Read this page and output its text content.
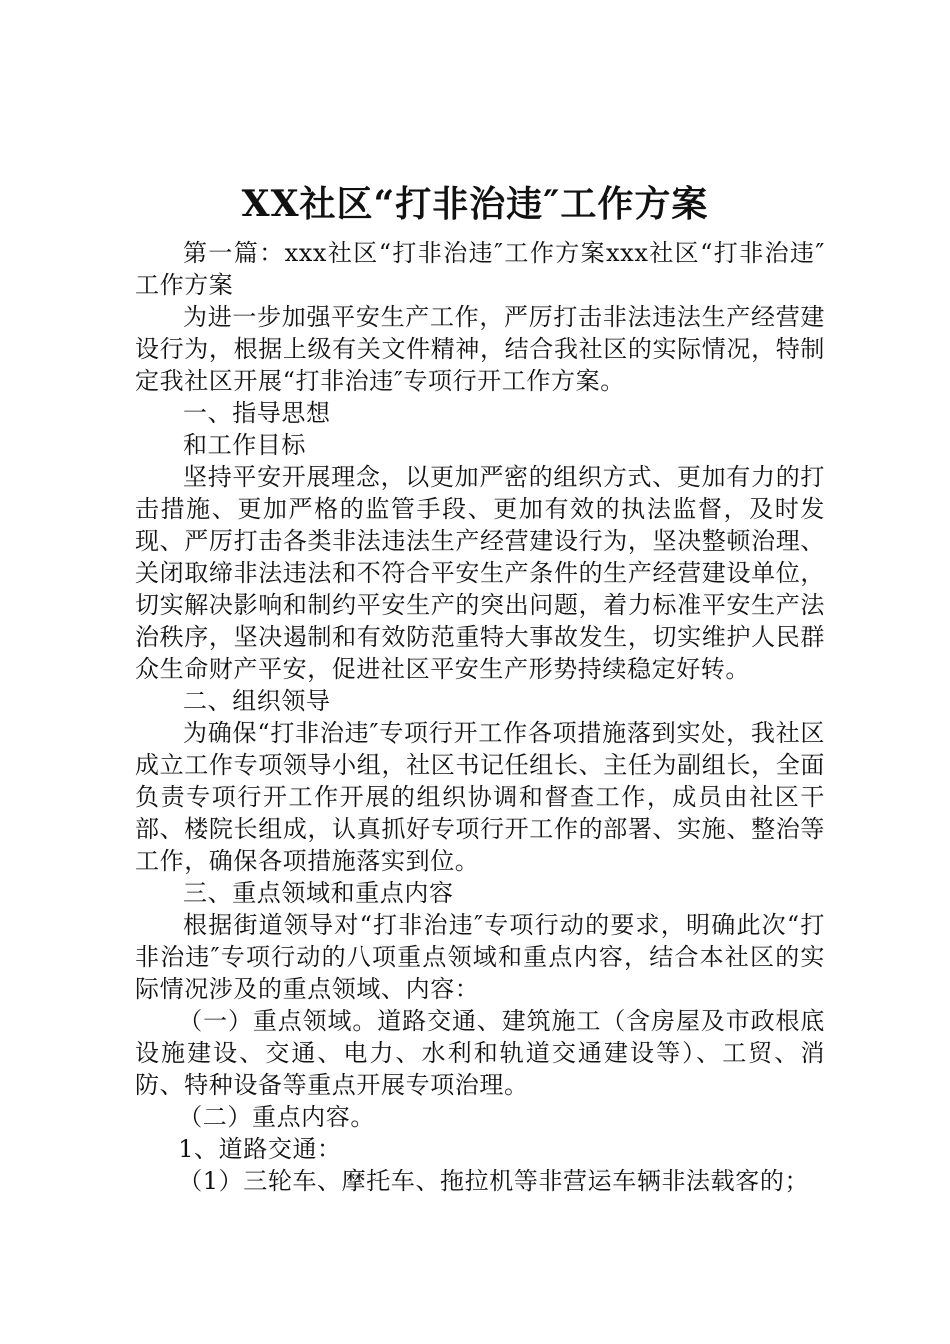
XX社区“打非治违″工作方案

第一篇：xxx社区“打非治违″工作方案xxx社区“打非治违″工作方案

为进一步加强平安生产工作，严厉打击非法违法生产经营建设行为，根据上级有关文件精神，结合我社区的实际情况，特制定我社区开展“打非治违″专项行开工作方案。

一、指导思想

和工作目标

坚持平安开展理念，以更加严密的组织方式、更加有力的打击措施、更加严格的监管手段、更加有效的执法监督，及时发现、严厉打击各类非法违法生产经营建设行为，坚决整顿治理、关闭取缔非法违法和不符合平安生产条件的生产经营建设单位，切实解决影响和制约平安生产的突出问题，着力标准平安生产法治秩序，坚决遏制和有效防范重特大事故发生，切实维护人民群众生命财产平安，促进社区平安生产形势持续稳定好转。

二、组织领导

为确保“打非治违″专项行开工作各项措施落到实处，我社区成立工作专项领导小组，社区书记任组长、主任为副组长，全面负责专项行开工作开展的组织协调和督查工作，成员由社区干部、楼院长组成，认真抓好专项行开工作的部署、实施、整治等工作，确保各项措施落实到位。

三、重点领域和重点内容

根据街道领导对“打非治违″专项行动的要求，明确此次“打非治违″专项行动的八项重点领域和重点内容，结合本社区的实际情况涉及的重点领域、内容：

（一）重点领域。道路交通、建筑施工（含房屋及市政根底设施建设、交通、电力、水利和轨道交通建设等）、工贸、消防、特种设备等重点开展专项治理。

（二）重点内容。

1、道路交通：

（1）三轮车、摩托车、拖拉机等非营运车辆非法载客的；
